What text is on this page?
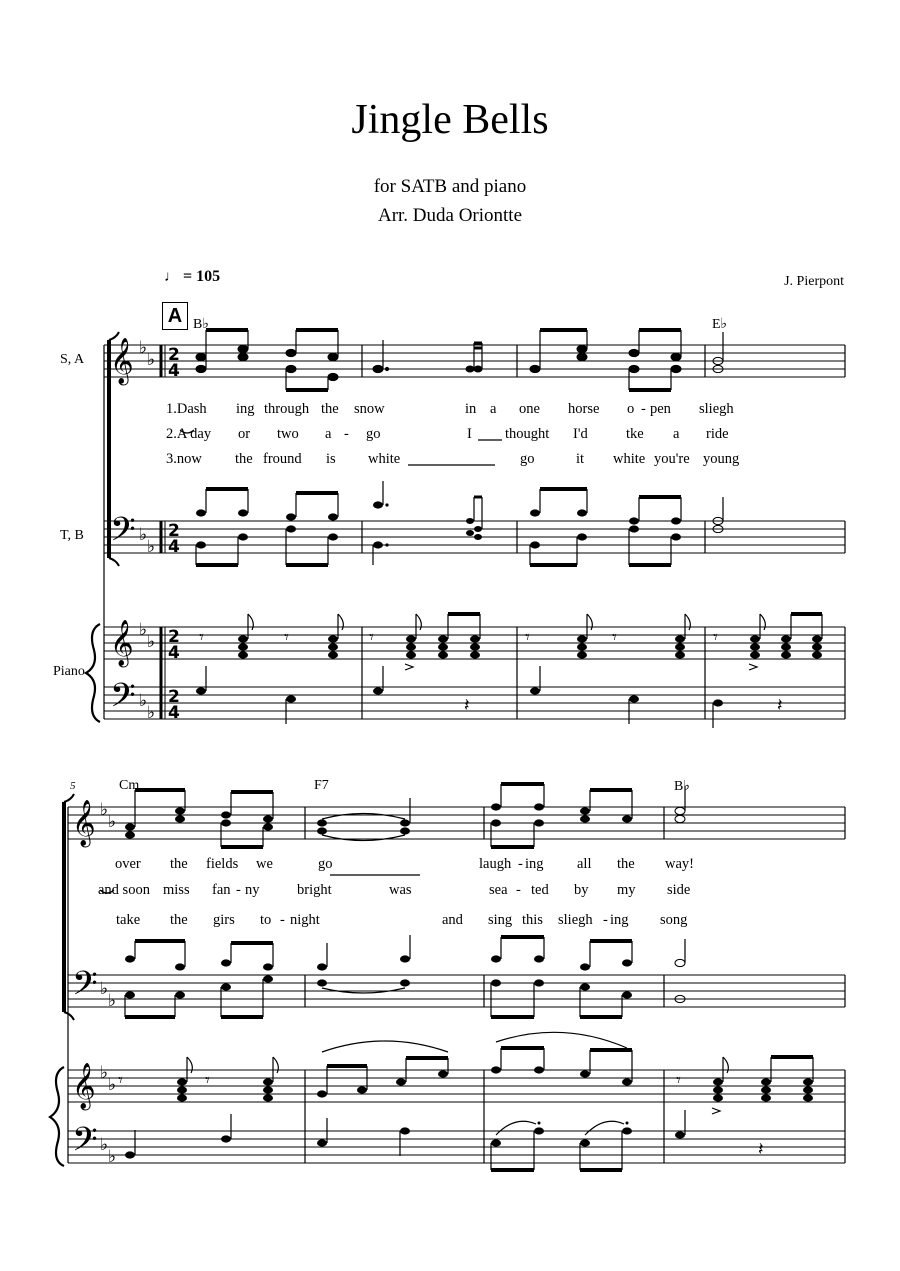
Jingle Bells
for SATB and piano
Arr. Duda Oriontte
J. Pierpont
♩ = 105
A
S, A
T, B
Piano
B♭	E♭
1.Dash ing through the snow	in a one horse o - pen sliegh
2.A day or two a - go	I thought I'd	tke a ride
3.now the fround is white	go	it white you're young
5	Cm	F7	B♭
over the fields we	go	laugh - ing all the way!
and soon miss fan - ny	bright	was	sea - ted by my side
take the girs to - night	and sing this sliegh - ing song
𝄞
𝄢
𝄞
𝄢
♭
♭
♭
♭
♭
♭
♭
♭
2
4
2
4
2
4
2
4
𝄾	𝄾	𝄾	𝄾	𝄾	𝄾
𝄽	𝄽
𝄞
𝄢
𝄞
𝄢
♭
♭
♭
♭
♭
♭
♭
♭
𝄾	𝄾	𝄾
𝄽
